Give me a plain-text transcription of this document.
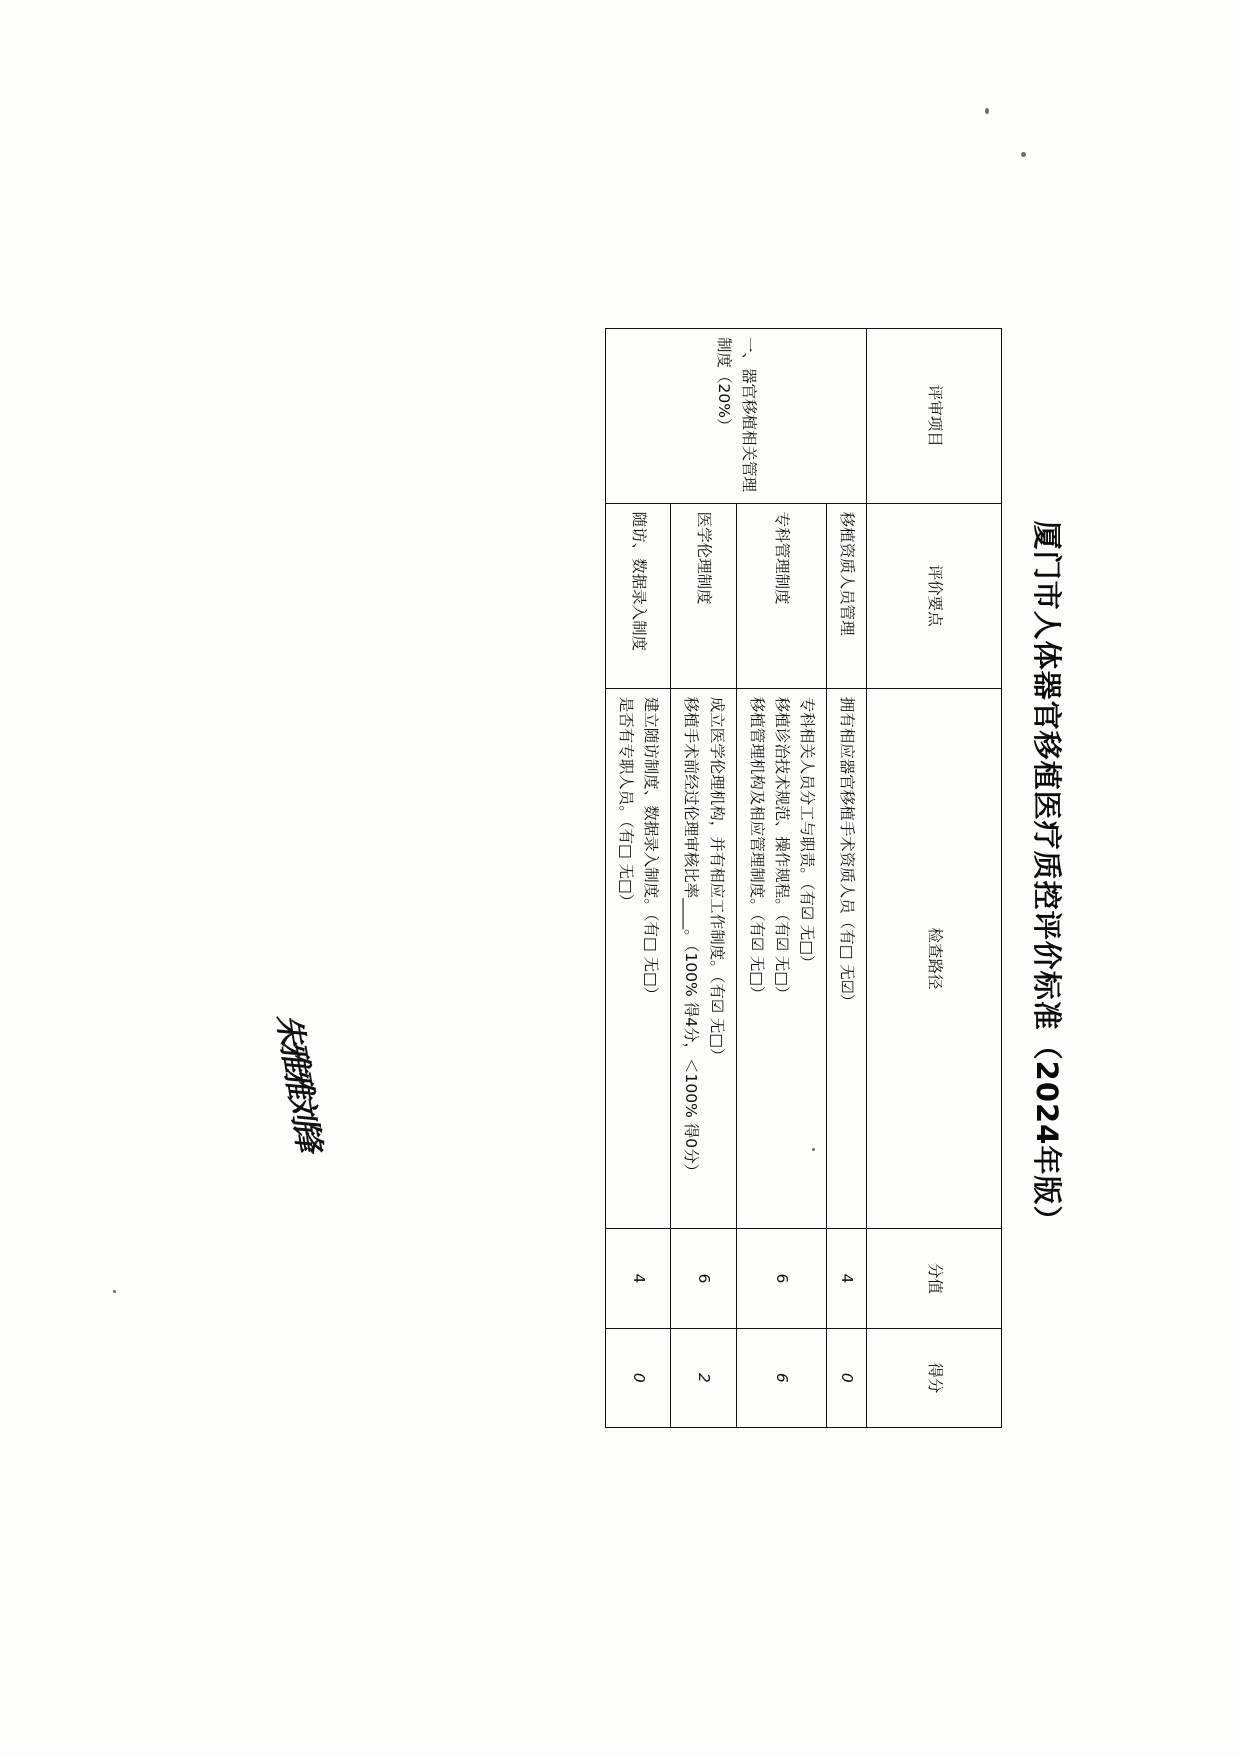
厦门市人体器官移植医疗质控评价标准（2024年版）
评审项目	评价要点	检查路径	分值	得分
一、器官移植相关管理制度（20%）	移植资质人员管理	拥有相应器官移植手术资质人员（有□ 无☑）	4	0
	专科管理制度	专科相关人员分工与职责。（有☑ 无□）
移植诊治技术规范、操作规程。（有☑ 无□）
移植管理机构及相应管理制度。（有☑ 无□）	6	6
	医学伦理制度	成立医学伦理机构，并有相应工作制度。（有☑ 无□）
移植手术前经过伦理审核比率____。（100% 得4分，＜100% 得0分）	6	2
	随访、数据录入制度	建立随访制度、数据录入制度。（有□ 无□）
是否有专职人员。（有□ 无□）	4	0
朱雅雅刘锋
